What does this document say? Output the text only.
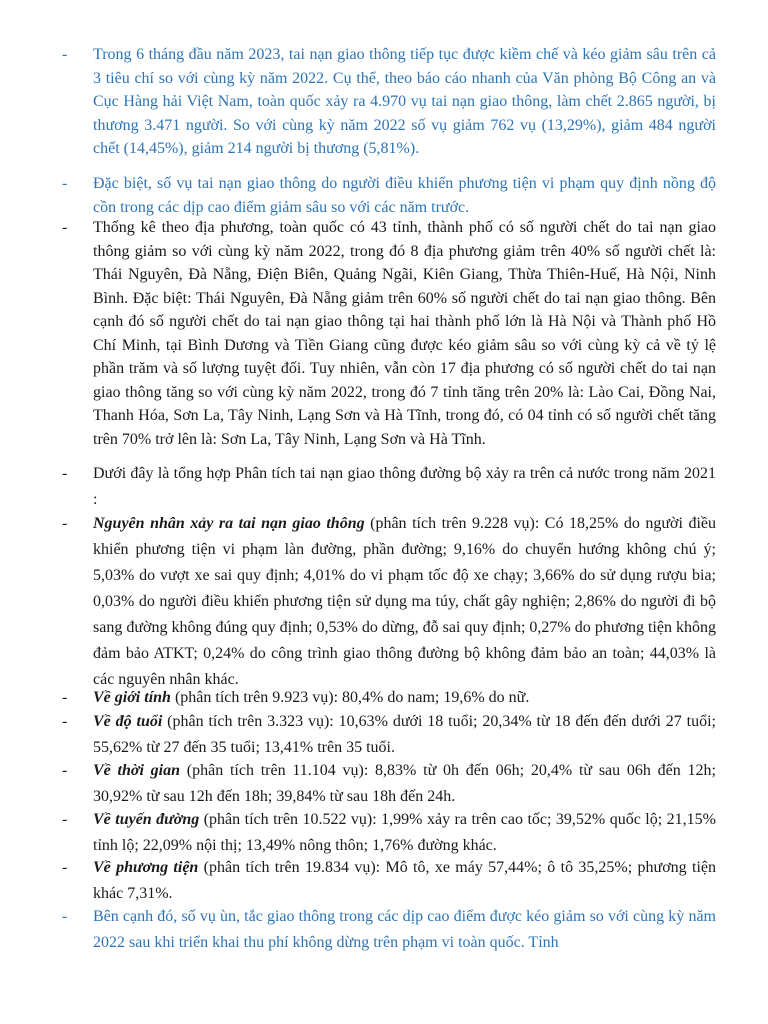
-	Trong 6 tháng đầu năm 2023, tai nạn giao thông tiếp tục được kiềm chế và kéo giảm sâu trên cả 3 tiêu chí so với cùng kỳ năm 2022. Cụ thể, theo báo cáo nhanh của Văn phòng Bộ Công an và Cục Hàng hải Việt Nam, toàn quốc xảy ra 4.970 vụ tai nạn giao thông, làm chết 2.865 người, bị thương 3.471 người. So với cùng kỳ năm 2022 số vụ giảm 762 vụ (13,29%), giảm 484 người chết (14,45%), giảm 214 người bị thương (5,81%).
-	Đặc biệt, số vụ tai nạn giao thông do người điều khiển phương tiện vi phạm quy định nồng độ cồn trong các dịp cao điểm giảm sâu so với các năm trước.
-	Thống kê theo địa phương, toàn quốc có 43 tỉnh, thành phố có số người chết do tai nạn giao thông giảm so với cùng kỳ năm 2022, trong đó 8 địa phương giảm trên 40% số người chết là: Thái Nguyên, Đà Nẵng, Điện Biên, Quảng Ngãi, Kiên Giang, Thừa Thiên-Huế, Hà Nội, Ninh Bình. Đặc biệt: Thái Nguyên, Đà Nẵng giảm trên 60% số người chết do tai nạn giao thông. Bên cạnh đó số người chết do tai nạn giao thông tại hai thành phố lớn là Hà Nội và Thành phố Hồ Chí Minh, tại Bình Dương và Tiền Giang cũng được kéo giảm sâu so với cùng kỳ cả về tỷ lệ phần trăm và số lượng tuyệt đối. Tuy nhiên, vẫn còn 17 địa phương có số người chết do tai nạn giao thông tăng so với cùng kỳ năm 2022, trong đó 7 tỉnh tăng trên 20% là: Lào Cai, Đồng Nai, Thanh Hóa, Sơn La, Tây Ninh, Lạng Sơn và Hà Tĩnh, trong đó, có 04 tỉnh có số người chết tăng trên 70% trở lên là: Sơn La, Tây Ninh, Lạng Sơn và Hà Tĩnh.
-	Dưới đây là tổng hợp Phân tích tai nạn giao thông đường bộ xảy ra trên cả nước trong năm 2021 :
-	Nguyên nhân xảy ra tai nạn giao thông (phân tích trên 9.228 vụ): Có 18,25% do người điều khiển phương tiện vi phạm làn đường, phần đường; 9,16% do chuyển hướng không chú ý; 5,03% do vượt xe sai quy định; 4,01% do vi phạm tốc độ xe chạy; 3,66% do sử dụng rượu bia; 0,03% do người điều khiển phương tiện sử dụng ma túy, chất gây nghiện; 2,86% do người đi bộ sang đường không đúng quy định; 0,53% do dừng, đỗ sai quy định; 0,27% do phương tiện không đảm bảo ATKT; 0,24% do công trình giao thông đường bộ không đảm bảo an toàn; 44,03% là các nguyên nhân khác.
-	Về giới tính (phân tích trên 9.923 vụ): 80,4% do nam; 19,6% do nữ.
-	Về độ tuổi (phân tích trên 3.323 vụ): 10,63% dưới 18 tuổi; 20,34% từ 18 đến đến dưới 27 tuổi; 55,62% từ 27 đến 35 tuổi; 13,41% trên 35 tuổi.
-	Về thời gian (phân tích trên 11.104 vụ): 8,83% từ 0h đến 06h; 20,4% từ sau 06h đến 12h; 30,92% từ sau 12h đến 18h; 39,84% từ sau 18h đến 24h.
-	Về tuyến đường (phân tích trên 10.522 vụ): 1,99% xảy ra trên cao tốc; 39,52% quốc lộ; 21,15% tỉnh lộ; 22,09% nội thị; 13,49% nông thôn; 1,76% đường khác.
-	Về phương tiện (phân tích trên 19.834 vụ): Mô tô, xe máy 57,44%; ô tô 35,25%; phương tiện khác 7,31%.
-	Bên cạnh đó, số vụ ùn, tắc giao thông trong các dịp cao điểm được kéo giảm so với cùng kỳ năm 2022 sau khi triển khai thu phí không dừng trên phạm vi toàn quốc. Tỉnh
